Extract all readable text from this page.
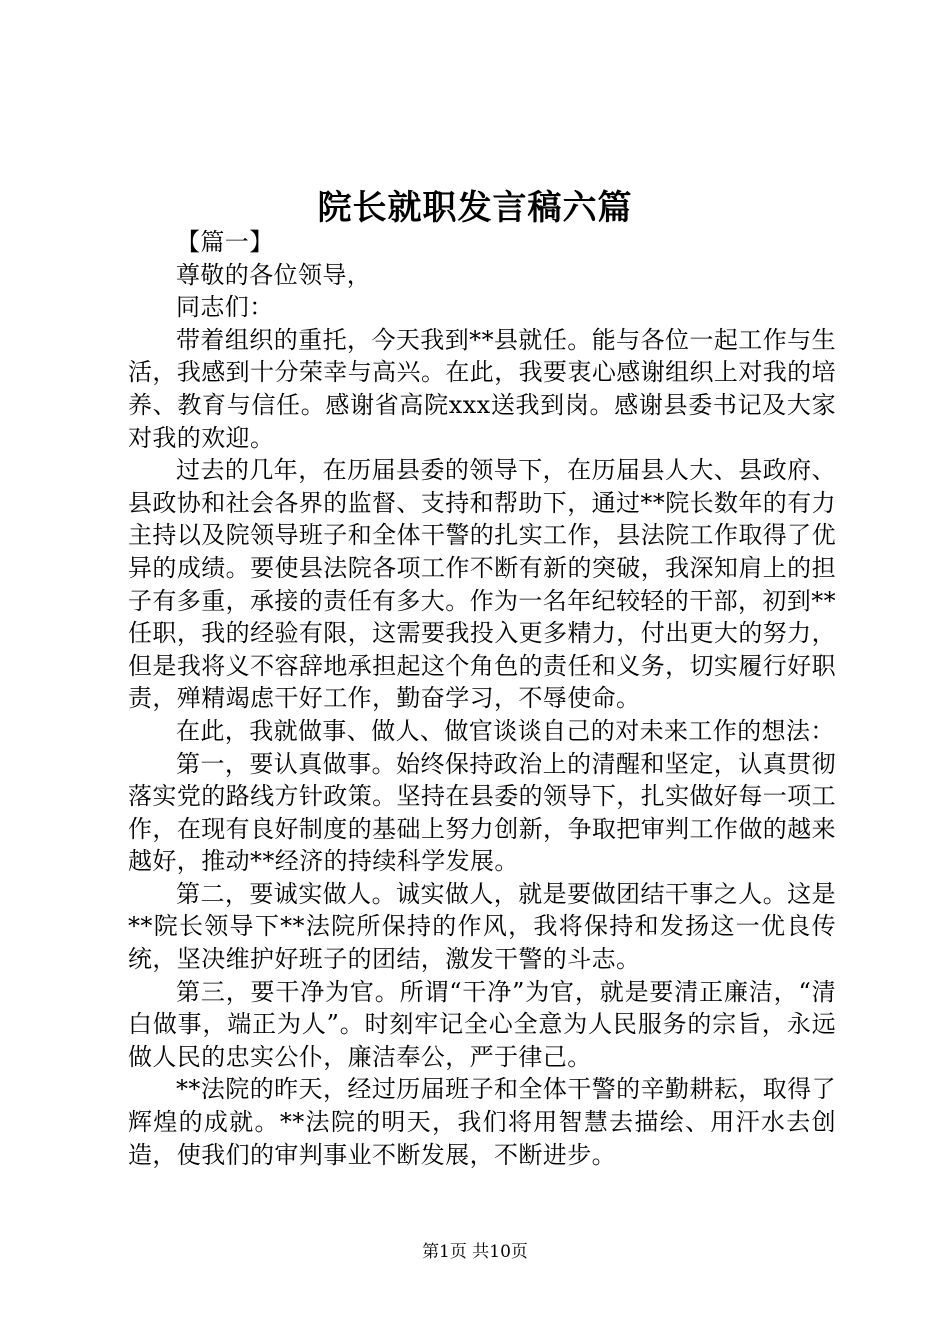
院长就职发言稿六篇

【篇一】

尊敬的各位领导，

同志们：

带着组织的重托，今天我到**县就任。能与各位一起工作与生活，我感到十分荣幸与高兴。在此，我要衷心感谢组织上对我的培养、教育与信任。感谢省高院xxx送我到岗。感谢县委书记及大家对我的欢迎。

过去的几年，在历届县委的领导下，在历届县人大、县政府、县政协和社会各界的监督、支持和帮助下，通过**院长数年的有力主持以及院领导班子和全体干警的扎实工作，县法院工作取得了优异的成绩。要使县法院各项工作不断有新的突破，我深知肩上的担子有多重，承接的责任有多大。作为一名年纪较轻的干部，初到**任职，我的经验有限，这需要我投入更多精力，付出更大的努力，但是我将义不容辞地承担起这个角色的责任和义务，切实履行好职责，殚精竭虑干好工作，勤奋学习，不辱使命。

在此，我就做事、做人、做官谈谈自己的对未来工作的想法：

第一，要认真做事。始终保持政治上的清醒和坚定，认真贯彻落实党的路线方针政策。坚持在县委的领导下，扎实做好每一项工作，在现有良好制度的基础上努力创新，争取把审判工作做的越来越好，推动**经济的持续科学发展。

第二，要诚实做人。诚实做人，就是要做团结干事之人。这是**院长领导下**法院所保持的作风，我将保持和发扬这一优良传统，坚决维护好班子的团结，激发干警的斗志。

第三，要干净为官。所谓“干净”为官，就是要清正廉洁，“清白做事，端正为人”。时刻牢记全心全意为人民服务的宗旨，永远做人民的忠实公仆，廉洁奉公，严于律己。

**法院的昨天，经过历届班子和全体干警的辛勤耕耘，取得了辉煌的成就。**法院的明天，我们将用智慧去描绘、用汗水去创造，使我们的审判事业不断发展，不断进步。

第1页 共10页
